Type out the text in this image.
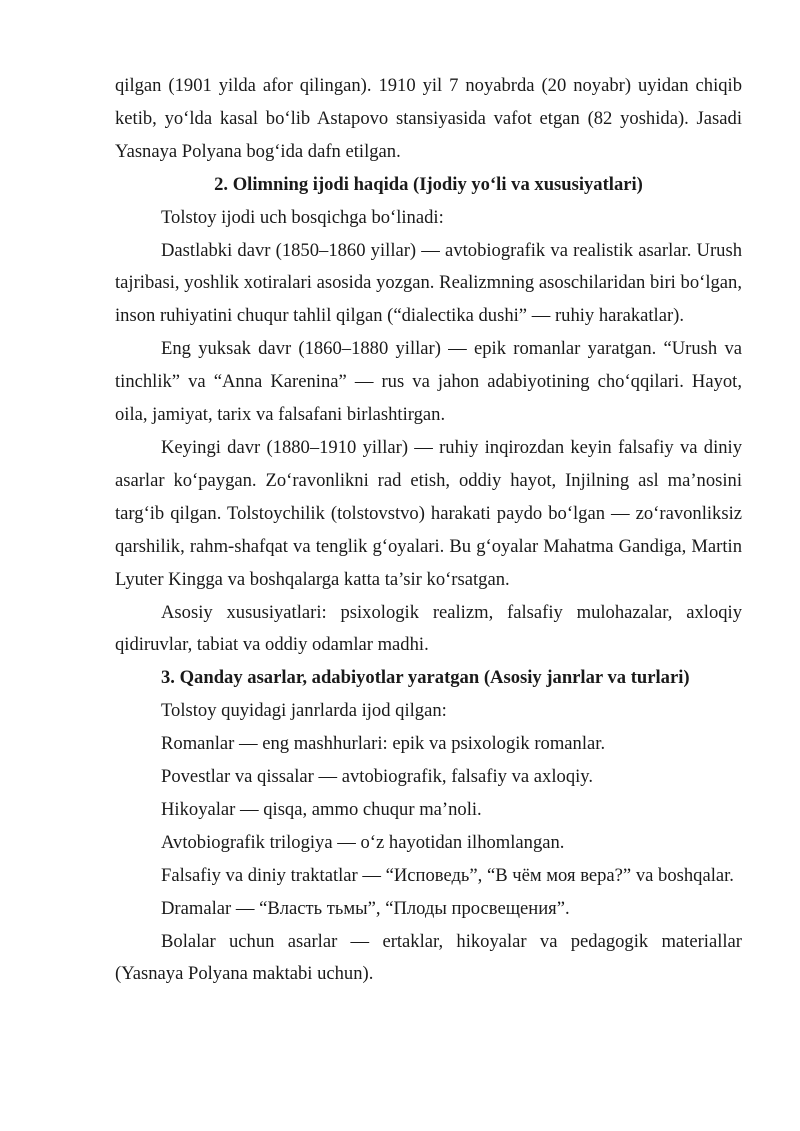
qilgan (1901 yilda afor qilingan). 1910 yil 7 noyabrda (20 noyabr) uyidan chiqib ketib, yo‘lda kasal bo‘lib Astapovo stansiyasida vafot etgan (82 yoshida). Jasadi Yasnaya Polyana bog‘ida dafn etilgan.

2. Olimning ijodi haqida (Ijodiy yo‘li va xususiyatlari)

Tolstoy ijodi uch bosqichga bo‘linadi:

Dastlabki davr (1850–1860 yillar) — avtobiografik va realistik asarlar. Urush tajribasi, yoshlik xotiralari asosida yozgan. Realizmning asoschilaridan biri bo‘lgan, inson ruhiyatini chuqur tahlil qilgan (“dialectika dushi” — ruhiy harakatlar).

Eng yuksak davr (1860–1880 yillar) — epik romanlar yaratgan. “Urush va tinchlik” va “Anna Karenina” — rus va jahon adabiyotining cho‘qqilari. Hayot, oila, jamiyat, tarix va falsafani birlashtirgan.

Keyingi davr (1880–1910 yillar) — ruhiy inqirozdan keyin falsafiy va diniy asarlar ko‘paygan. Zo‘ravonlikni rad etish, oddiy hayot, Injilning asl ma’nosini targ‘ib qilgan. Tolstoychilik (tolstovstvo) harakati paydo bo‘lgan — zo‘ravonliksiz qarshilik, rahm-shafqat va tenglik g‘oyalari. Bu g‘oyalar Mahatma Gandiga, Martin Lyuter Kingga va boshqalarga katta ta’sir ko‘rsatgan.

Asosiy xususiyatlari: psixologik realizm, falsafiy mulohazalar, axloqiy qidiruvlar, tabiat va oddiy odamlar madhi.

3. Qanday asarlar, adabiyotlar yaratgan (Asosiy janrlar va turlari)

Tolstoy quyidagi janrlarda ijod qilgan:

Romanlar — eng mashhurlari: epik va psixologik romanlar.

Povestlar va qissalar — avtobiografik, falsafiy va axloqiy.

Hikoyalar — qisqa, ammo chuqur ma’noli.

Avtobiografik trilogiya — o‘z hayotidan ilhomlangan.

Falsafiy va diniy traktatlar — “Исповедь”, “В чём моя вера?” va boshqalar.

Dramalar — “Власть тьмы”, “Плоды просвещения”.

Bolalar uchun asarlar — ertaklar, hikoyalar va pedagogik materiallar (Yasnaya Polyana maktabi uchun).
